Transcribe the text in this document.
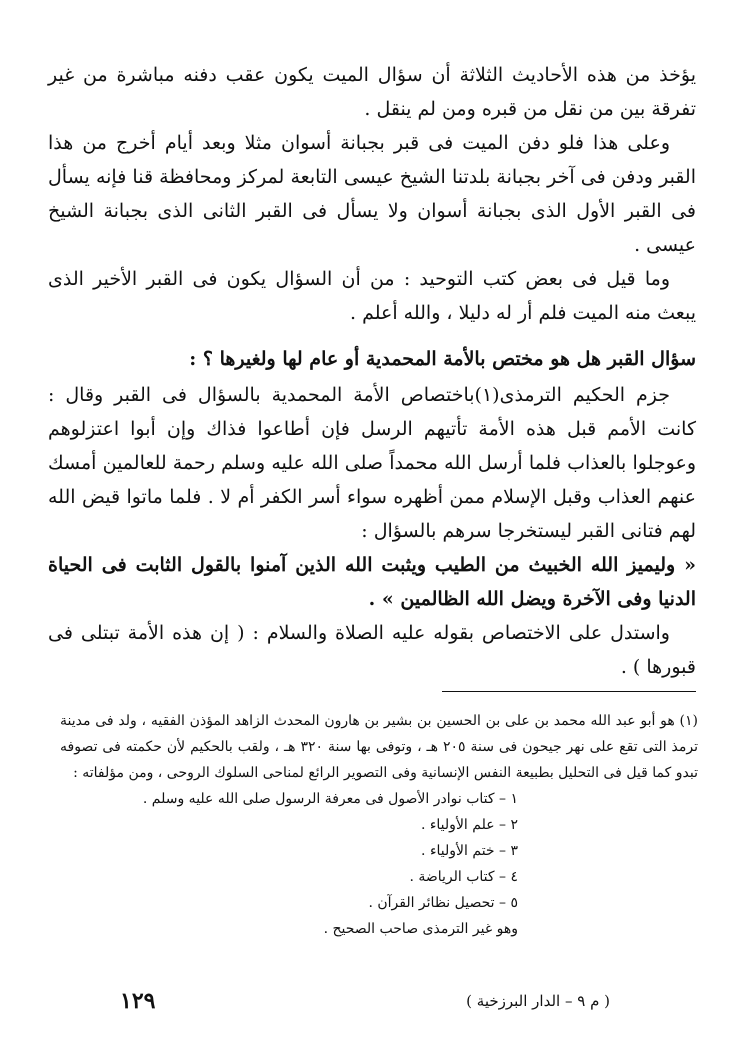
يؤخذ من هذه الأحاديث الثلاثة أن سؤال الميت يكون عقب دفنه مباشرة من غير تفرقة بين من نقل من قبره ومن لم ينقل .

وعلى هذا فلو دفن الميت فى قبر بجبانة أسوان مثلا وبعد أيام أخرج من هذا القبر ودفن فى آخر بجبانة بلدتنا الشيخ عيسى التابعة لمركز ومحافظة قنا فإنه يسأل فى القبر الأول الذى بجبانة أسوان ولا يسأل فى القبر الثانى الذى بجبانة الشيخ عيسى .

وما قيل فى بعض كتب التوحيد : من أن السؤال يكون فى القبر الأخير الذى يبعث منه الميت فلم أر له دليلا ، والله أعلم .

سؤال القبر هل هو مختص بالأمة المحمدية أو عام لها ولغيرها ؟ :

جزم الحكيم الترمذى(١)باختصاص الأمة المحمدية بالسؤال فى القبر وقال : كانت الأمم قبل هذه الأمة تأتيهم الرسل فإن أطاعوا فذاك وإن أبوا اعتزلوهم وعوجلوا بالعذاب فلما أرسل الله محمداً صلى الله عليه وسلم رحمة للعالمين أمسك عنهم العذاب وقبل الإسلام ممن أظهره سواء أسر الكفر أم لا . فلما ماتوا قيض الله لهم فتانى القبر ليستخرجا سرهم بالسؤال :

« وليميز الله الخبيث من الطيب ويثبت الله الذين آمنوا بالقول الثابت فى الحياة الدنيا وفى الآخرة ويضل الله الظالمين » .

واستدل على الاختصاص بقوله عليه الصلاة والسلام : ( إن هذه الأمة تبتلى فى قبورها ) .

(١) هو أبو عبد الله محمد بن على بن الحسين بن بشير بن هارون المحدث الزاهد المؤذن الفقيه ، ولد فى مدينة ترمذ التى تقع على نهر جيحون فى سنة ٢٠٥ هـ ، وتوفى بها سنة ٣٢٠ هـ ، ولقب بالحكيم لأن حكمته فى تصوفه تبدو كما قيل فى التحليل بطبيعة النفس الإنسانية وفى التصوير الرائع لمناحى السلوك الروحى ، ومن مؤلفاته :

١ – كتاب نوادر الأصول فى معرفة الرسول صلى الله عليه وسلم .
٢ – علم الأولياء .
٣ – ختم الأولياء .
٤ – كتاب الرياضة .
٥ – تحصيل نظائر القرآن .
وهو غير الترمذى صاحب الصحيح .
١٢٩	( م ٩ – الدار البرزخية )
